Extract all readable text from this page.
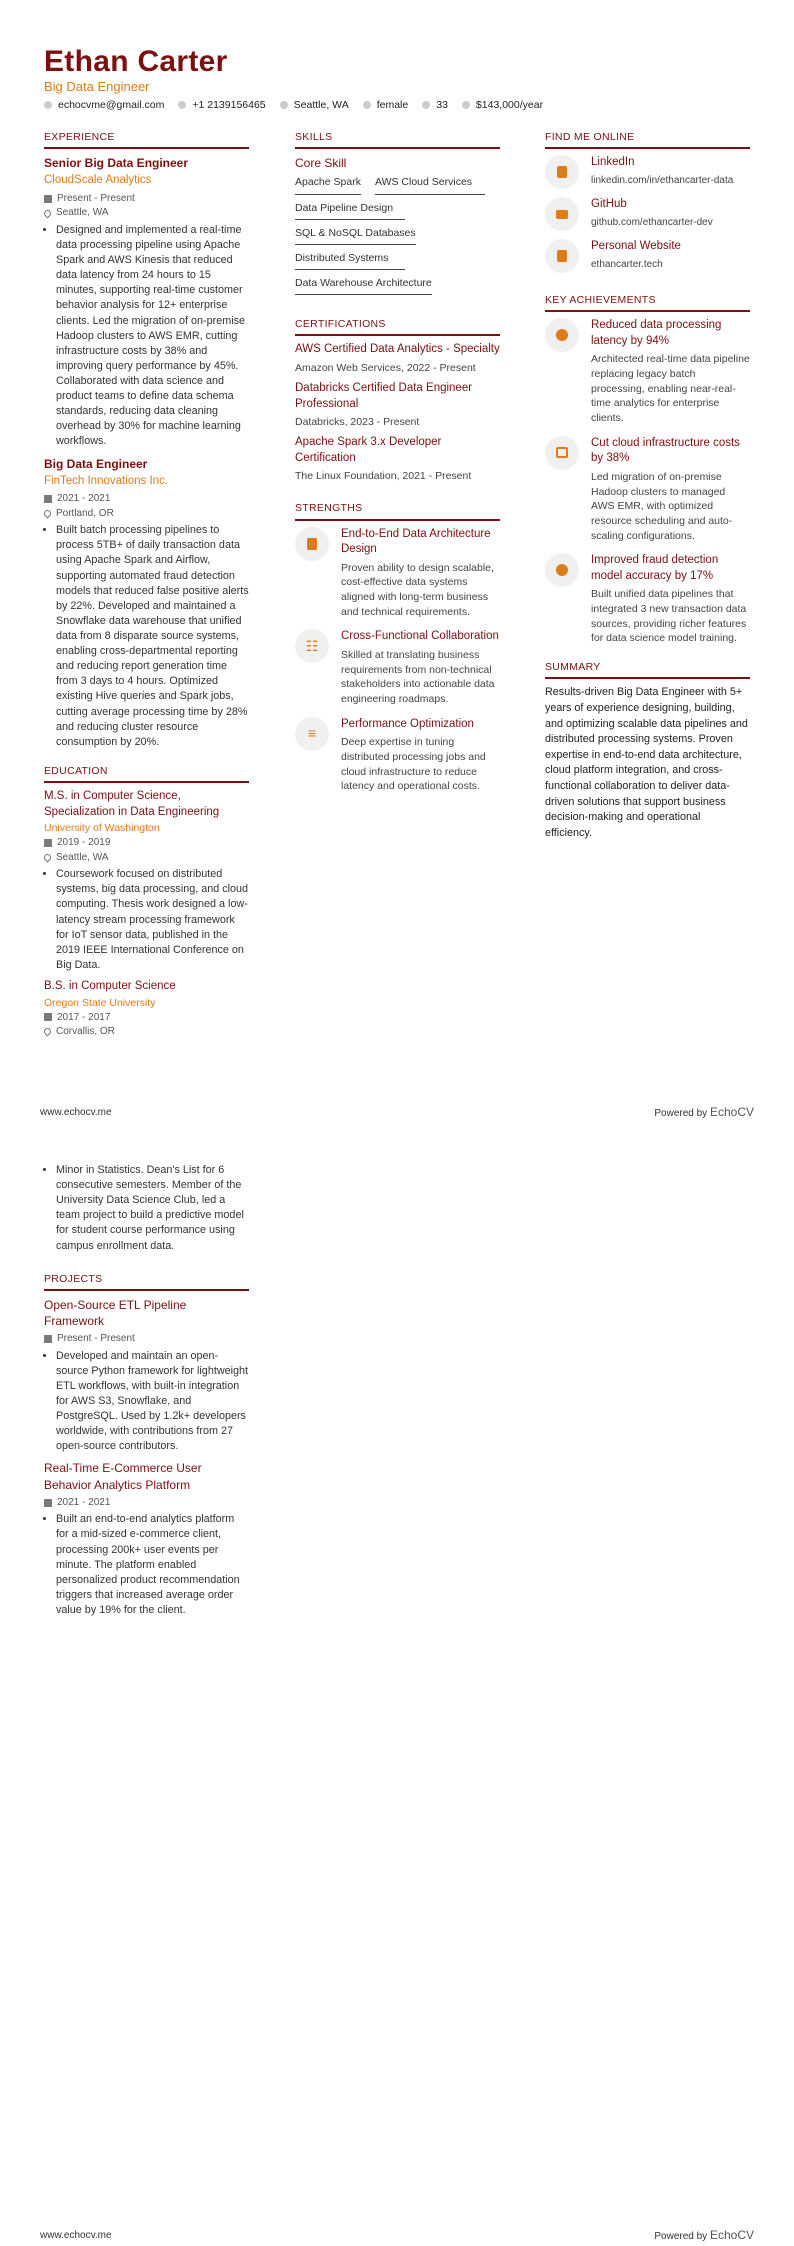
Ethan Carter
Big Data Engineer
echocvme@gmail.com	+1 2139156465	Seattle, WA	female	33	$143,000/year
EXPERIENCE
Senior Big Data Engineer
CloudScale Analytics
Present - Present
Seattle, WA
• Designed and implemented a real-time data processing pipeline using Apache Spark and AWS Kinesis that reduced data latency from 24 hours to 15 minutes, supporting real-time customer behavior analysis for 12+ enterprise clients. Led the migration of on-premise Hadoop clusters to AWS EMR, cutting infrastructure costs by 38% and improving query performance by 45%. Collaborated with data science and product teams to define data schema standards, reducing data cleaning overhead by 30% for machine learning workflows.
Big Data Engineer
FinTech Innovations Inc.
2021 - 2021
Portland, OR
• Built batch processing pipelines to process 5TB+ of daily transaction data using Apache Spark and Airflow, supporting automated fraud detection models that reduced false positive alerts by 22%. Developed and maintained a Snowflake data warehouse that unified data from 8 disparate source systems, enabling cross-departmental reporting and reducing report generation time from 3 days to 4 hours. Optimized existing Hive queries and Spark jobs, cutting average processing time by 28% and reducing cluster resource consumption by 20%.
EDUCATION
M.S. in Computer Science, Specialization in Data Engineering
University of Washington
2019 - 2019
Seattle, WA
• Coursework focused on distributed systems, big data processing, and cloud computing. Thesis work designed a low-latency stream processing framework for IoT sensor data, published in the 2019 IEEE International Conference on Big Data.
B.S. in Computer Science
Oregon State University
2017 - 2017
Corvallis, OR
SKILLS
Core Skill
Apache Spark AWS Cloud Services
Data Pipeline Design
SQL & NoSQL Databases
Distributed Systems
Data Warehouse Architecture
CERTIFICATIONS
AWS Certified Data Analytics - Specialty
Amazon Web Services, 2022 - Present
Databricks Certified Data Engineer Professional
Databricks, 2023 - Present
Apache Spark 3.x Developer Certification
The Linux Foundation, 2021 - Present
STRENGTHS
End-to-End Data Architecture Design
Proven ability to design scalable, cost-effective data systems aligned with long-term business and technical requirements.
☷
Cross-Functional Collaboration
Skilled at translating business requirements from non-technical stakeholders into actionable data engineering roadmaps.
≡
Performance Optimization
Deep expertise in tuning distributed processing jobs and cloud infrastructure to reduce latency and operational costs.
FIND ME ONLINE
LinkedIn
linkedin.com/in/ethancarter-data
GitHub
github.com/ethancarter-dev
Personal Website
ethancarter.tech
KEY ACHIEVEMENTS
Reduced data processing latency by 94%
Architected real-time data pipeline replacing legacy batch processing, enabling near-real-time analytics for enterprise clients.
Cut cloud infrastructure costs by 38%
Led migration of on-premise Hadoop clusters to managed AWS EMR, with optimized resource scheduling and auto-scaling configurations.
Improved fraud detection model accuracy by 17%
Built unified data pipelines that integrated 3 new transaction data sources, providing richer features for data science model training.
SUMMARY
Results-driven Big Data Engineer with 5+ years of experience designing, building, and optimizing scalable data pipelines and distributed processing systems. Proven expertise in end-to-end data architecture, cloud platform integration, and cross-functional collaboration to deliver data-driven solutions that support business decision-making and operational efficiency.
www.echocv.me	Powered by EchoCV
• Minor in Statistics. Dean's List for 6 consecutive semesters. Member of the University Data Science Club, led a team project to build a predictive model for student course performance using campus enrollment data.
PROJECTS
Open-Source ETL Pipeline Framework
Present - Present
• Developed and maintain an open-source Python framework for lightweight ETL workflows, with built-in integration for AWS S3, Snowflake, and PostgreSQL. Used by 1.2k+ developers worldwide, with contributions from 27 open-source contributors.
Real-Time E-Commerce User Behavior Analytics Platform
2021 - 2021
• Built an end-to-end analytics platform for a mid-sized e-commerce client, processing 200k+ user events per minute. The platform enabled personalized product recommendation triggers that increased average order value by 19% for the client.
www.echocv.me	Powered by EchoCV
